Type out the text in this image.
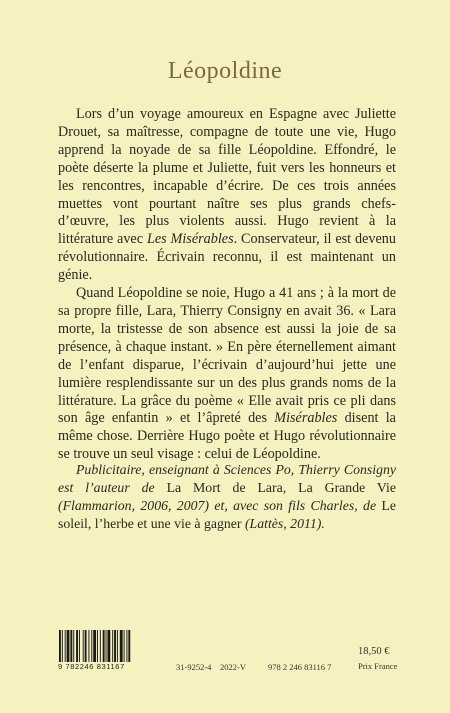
Léopoldine

Lors d’un voyage amoureux en Espagne avec Juliette Drouet, sa maîtresse, compagne de toute une vie, Hugo apprend la noyade de sa fille Léopoldine. Effondré, le poète déserte la plume et Juliette, fuit vers les honneurs et les rencontres, incapable d’écrire. De ces trois années muettes vont pourtant naître ses plus grands chefs-d’œuvre, les plus violents aussi. Hugo revient à la littérature avec Les Misérables. Conservateur, il est devenu révolutionnaire. Écrivain reconnu, il est maintenant un génie.

Quand Léopoldine se noie, Hugo a 41 ans ; à la mort de sa propre fille, Lara, Thierry Consigny en avait 36. « Lara morte, la tristesse de son absence est aussi la joie de sa présence, à chaque instant. » En père éternellement aimant de l’enfant disparue, l’écrivain d’aujourd’hui jette une lumière resplendissante sur un des plus grands noms de la littérature. La grâce du poème « Elle avait pris ce pli dans son âge enfantin » et l’âpreté des Misérables disent la même chose. Derrière Hugo poète et Hugo révolutionnaire se trouve un seul visage : celui de Léopoldine.

Publicitaire, enseignant à Sciences Po, Thierry Consigny est l’auteur de La Mort de Lara, La Grande Vie (Flammarion, 2006, 2007) et, avec son fils Charles, de Le soleil, l’herbe et une vie à gagner (Lattès, 2011).
9 782246 831167	31-9252-4 2022-V	978 2 246 83116 7
18,50 €
Prix France
